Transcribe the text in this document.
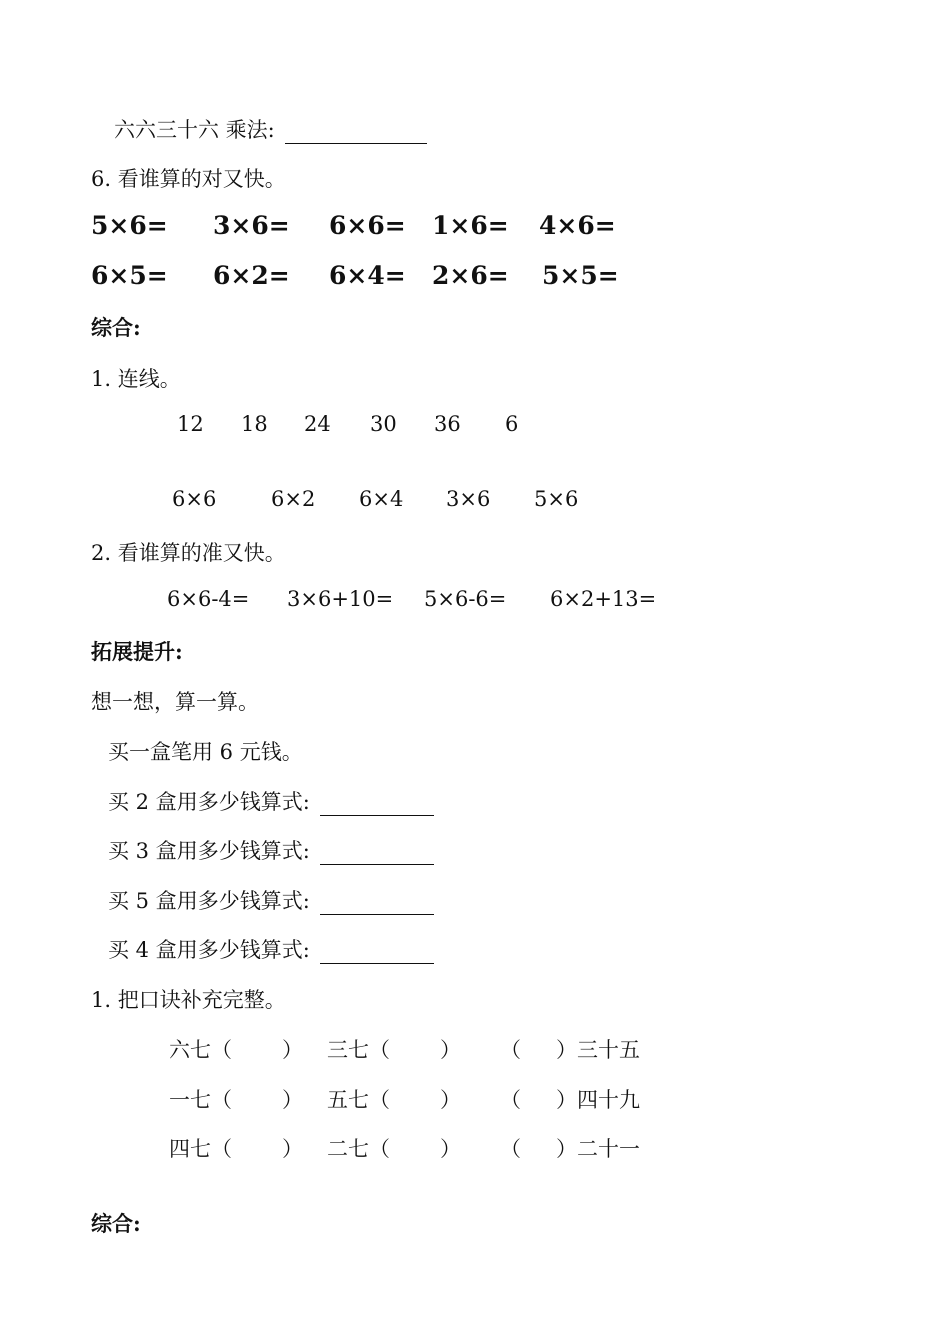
六六三十六 乘法:
6. 看谁算的对又快。
5×6= 3×6= 6×6= 1×6= 4×6=
6×5= 6×2= 6×4= 2×6= 5×5=
综合:
1. 连线。
12 18 24 30 36 6
6×6	6×2 6×4 3×6 5×6
2. 看谁算的准又快。
6×6-4= 3×6+10= 5×6-6= 6×2+13=
拓展提升:
想一想，算一算。
买一盒笔用 6 元钱。
买 2 盒用多少钱算式:
买 3 盒用多少钱算式:
买 5 盒用多少钱算式:
买 4 盒用多少钱算式:
1. 把口诀补充完整。
六七（ ） 三七（ ） （ ）三十五
一七（ ） 五七（ ） （ ）四十九
四七（ ） 二七（ ） （ ）二十一
综合:
